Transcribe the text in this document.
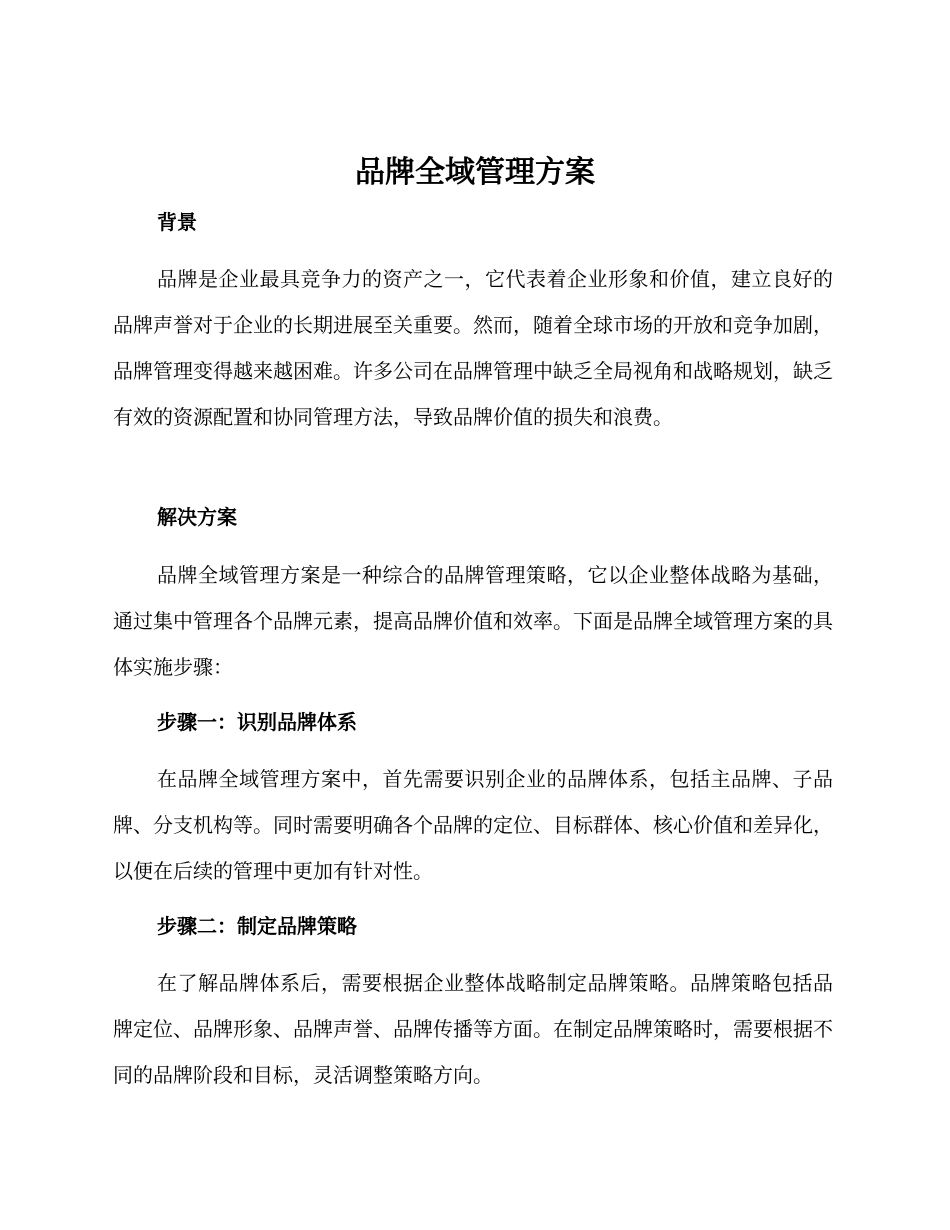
品牌全域管理方案
背景
品牌是企业最具竞争力的资产之一，它代表着企业形象和价值，建立良好的品牌声誉对于企业的长期进展至关重要。然而，随着全球市场的开放和竞争加剧，品牌管理变得越来越困难。许多公司在品牌管理中缺乏全局视角和战略规划，缺乏有效的资源配置和协同管理方法，导致品牌价值的损失和浪费。
解决方案
品牌全域管理方案是一种综合的品牌管理策略，它以企业整体战略为基础，通过集中管理各个品牌元素，提高品牌价值和效率。下面是品牌全域管理方案的具体实施步骤：
步骤一：识别品牌体系
在品牌全域管理方案中，首先需要识别企业的品牌体系，包括主品牌、子品牌、分支机构等。同时需要明确各个品牌的定位、目标群体、核心价值和差异化，以便在后续的管理中更加有针对性。
步骤二：制定品牌策略
在了解品牌体系后，需要根据企业整体战略制定品牌策略。品牌策略包括品牌定位、品牌形象、品牌声誉、品牌传播等方面。在制定品牌策略时，需要根据不同的品牌阶段和目标，灵活调整策略方向。
